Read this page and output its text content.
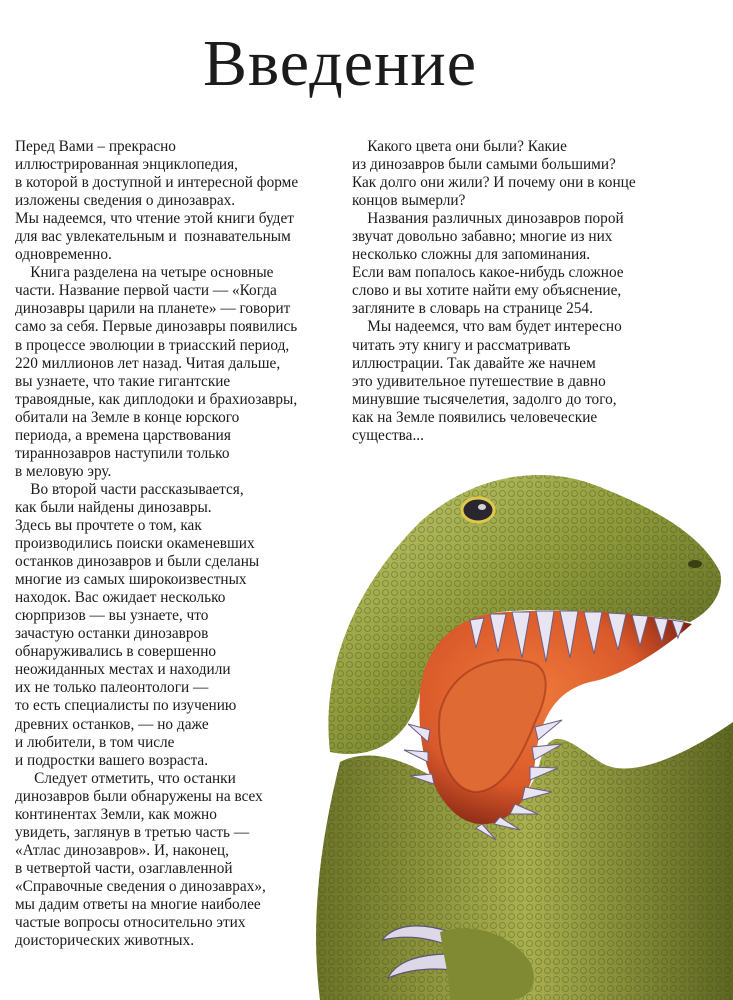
Введение
Перед Вами – прекрасно
иллюстрированная энциклопедия,
в которой в доступной и интересной форме
изложены сведения о динозаврах.
Мы надеемся, что чтение этой книги будет
для вас увлекательным и  познавательным
одновременно.
Книга разделена на четыре основные
части. Название первой части — «Когда
динозавры царили на планете» — говорит
само за себя. Первые динозавры появились
в процессе эволюции в триасский период,
220 миллионов лет назад. Читая дальше,
вы узнаете, что такие гигантские
травоядные, как диплодоки и брахиозавры,
обитали на Земле в конце юрского
периода, а времена царствования
тираннозавров наступили только
в меловую эру.
Во второй части рассказывается,
как были найдены динозавры.
Здесь вы прочтете о том, как
производились поиски окаменевших
останков динозавров и были сделаны
многие из самых широкоизвестных
находок. Вас ожидает несколько
сюрпризов — вы узнаете, что
зачастую останки динозавров
обнаруживались в совершенно
неожиданных местах и находили
их не только палеонтологи —
то есть специалисты по изучению
древних останков, — но даже
и любители, в том числе
и подростки вашего возраста.
Следует отметить, что останки
динозавров были обнаружены на всех
континентах Земли, как можно
увидеть, заглянув в третью часть —
«Атлас динозавров». И, наконец,
в четвертой части, озаглавленной
«Справочные сведения о динозаврах»,
мы дадим ответы на многие наиболее
частые вопросы относительно этих
доисторических животных.
Какого цвета они были? Какие
из динозавров были самыми большими?
Как долго они жили? И почему они в конце
концов вымерли?
Названия различных динозавров порой
звучат довольно забавно; многие из них
несколько сложны для запоминания.
Если вам попалось какое-нибудь сложное
слово и вы хотите найти ему объяснение,
загляните в словарь на странице 254.
Мы надеемся, что вам будет интересно
читать эту книгу и рассматривать
иллюстрации. Так давайте же начнем
это удивительное путешествие в давно
минувшие тысячелетия, задолго до того,
как на Земле появились человеческие
существа...
